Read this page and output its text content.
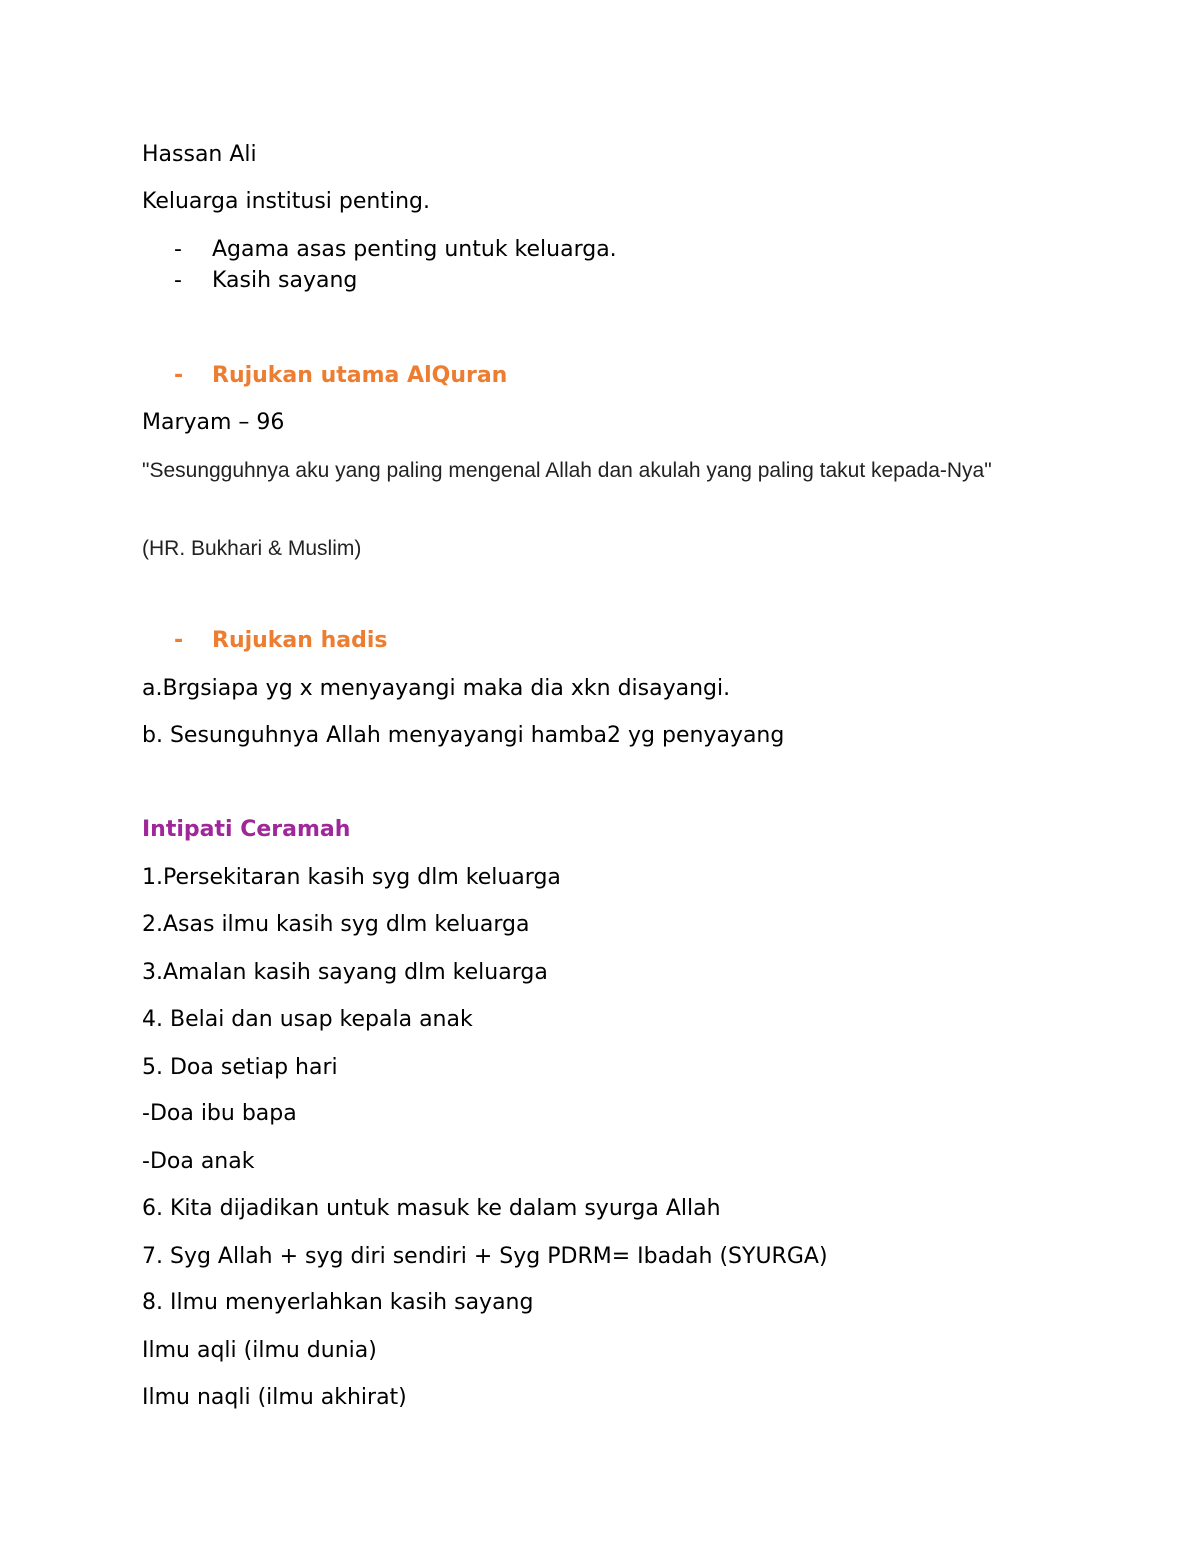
Hassan Ali

Keluarga institusi penting.

- Agama asas penting untuk keluarga.

- Kasih sayang

- Rujukan utama AlQuran

Maryam – 96

"Sesungguhnya aku yang paling mengenal Allah dan akulah yang paling takut kepada-Nya"

(HR. Bukhari & Muslim)

- Rujukan hadis

a.Brgsiapa yg x menyayangi maka dia xkn disayangi.

b. Sesunguhnya Allah menyayangi hamba2 yg penyayang

Intipati Ceramah

1.Persekitaran kasih syg dlm keluarga

2.Asas ilmu kasih syg dlm keluarga

3.Amalan kasih sayang dlm keluarga

4. Belai dan usap kepala anak

5. Doa setiap hari

-Doa ibu bapa

-Doa anak

6. Kita dijadikan untuk masuk ke dalam syurga Allah

7. Syg Allah + syg diri sendiri + Syg PDRM= Ibadah (SYURGA)

8. Ilmu menyerlahkan kasih sayang

Ilmu aqli (ilmu dunia)

Ilmu naqli (ilmu akhirat)
